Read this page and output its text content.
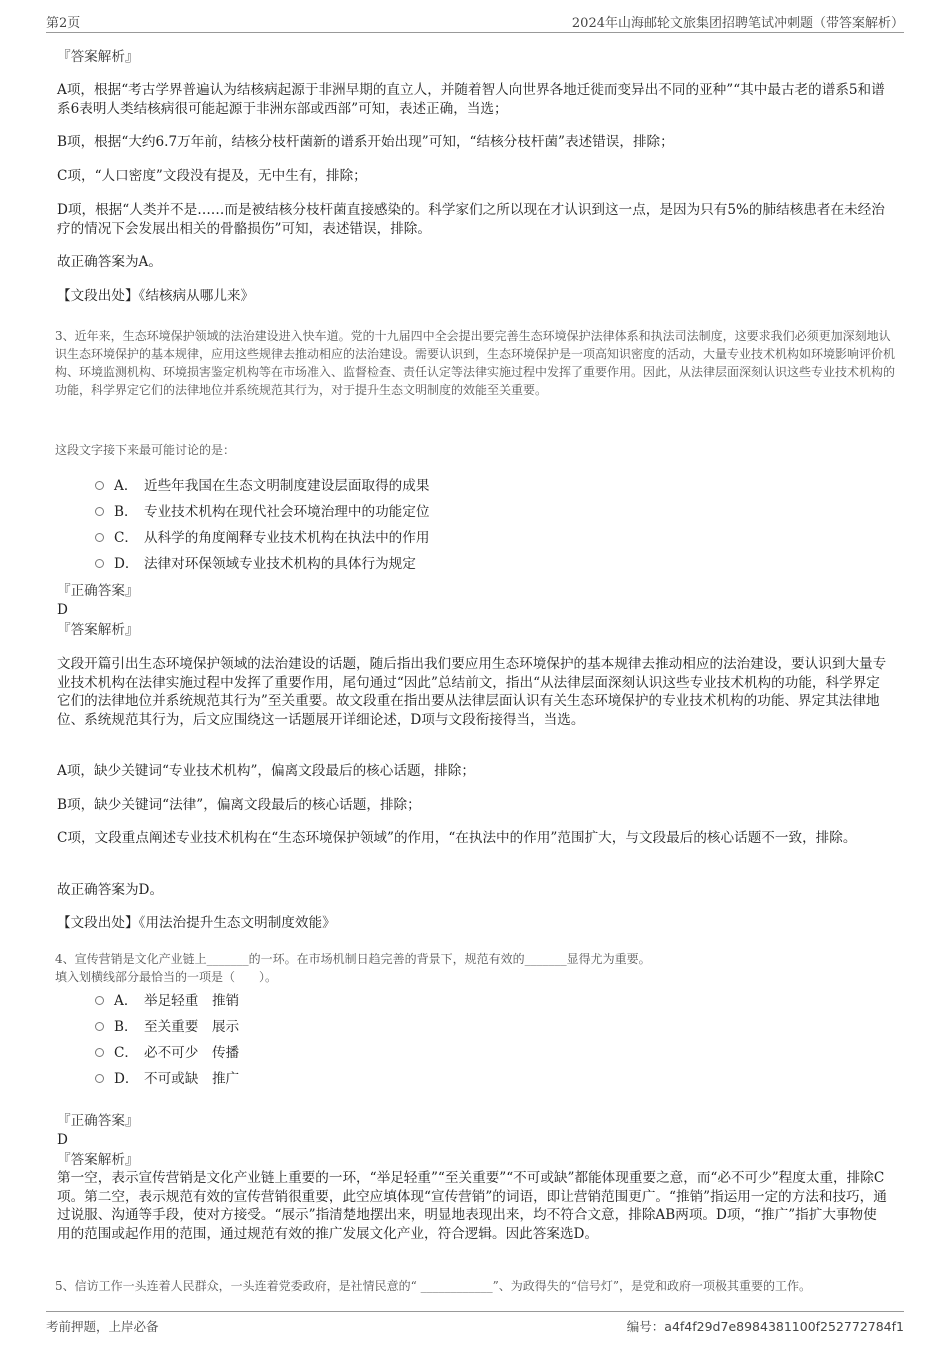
第2页	2024年山海邮轮文旅集团招聘笔试冲刺题（带答案解析）
『答案解析』
A项，根据“考古学界普遍认为结核病起源于非洲早期的直立人，并随着智人向世界各地迁徙而变异出不同的亚种”“其中最古老的谱系5和谱系6表明人类结核病很可能起源于非洲东部或西部”可知，表述正确，当选；
B项，根据“大约6.7万年前，结核分枝杆菌新的谱系开始出现”可知，“结核分枝杆菌”表述错误，排除；
C项，“人口密度”文段没有提及，无中生有，排除；
D项，根据“人类并不是……而是被结核分枝杆菌直接感染的。科学家们之所以现在才认识到这一点，是因为只有5%的肺结核患者在未经治疗的情况下会发展出相关的骨骼损伤”可知，表述错误，排除。
故正确答案为A。
【文段出处】《结核病从哪儿来》
3、近年来，生态环境保护领域的法治建设进入快车道。党的十九届四中全会提出要完善生态环境保护法律体系和执法司法制度，这要求我们必须更加深刻地认识生态环境保护的基本规律，应用这些规律去推动相应的法治建设。需要认识到，生态环境保护是一项高知识密度的活动，大量专业技术机构如环境影响评价机构、环境监测机构、环境损害鉴定机构等在市场准入、监督检查、责任认定等法律实施过程中发挥了重要作用。因此，从法律层面深刻认识这些专业技术机构的功能，科学界定它们的法律地位并系统规范其行为，对于提升生态文明制度的效能至关重要。
这段文字接下来最可能讨论的是：
A． 近些年我国在生态文明制度建设层面取得的成果
B． 专业技术机构在现代社会环境治理中的功能定位
C． 从科学的角度阐释专业技术机构在执法中的作用
D． 法律对环保领域专业技术机构的具体行为规定
『正确答案』
D
『答案解析』
文段开篇引出生态环境保护领域的法治建设的话题，随后指出我们要应用生态环境保护的基本规律去推动相应的法治建设，要认识到大量专业技术机构在法律实施过程中发挥了重要作用，尾句通过“因此”总结前文，指出“从法律层面深刻认识这些专业技术机构的功能，科学界定它们的法律地位并系统规范其行为”至关重要。故文段重在指出要从法律层面认识有关生态环境保护的专业技术机构的功能、界定其法律地位、系统规范其行为，后文应围绕这一话题展开详细论述，D项与文段衔接得当，当选。
A项，缺少关键词“专业技术机构”，偏离文段最后的核心话题，排除；
B项，缺少关键词“法律”，偏离文段最后的核心话题，排除；
C项，文段重点阐述专业技术机构在“生态环境保护领域”的作用，“在执法中的作用”范围扩大，与文段最后的核心话题不一致，排除。
故正确答案为D。
【文段出处】《用法治提升生态文明制度效能》
4、宣传营销是文化产业链上_______的一环。在市场机制日趋完善的背景下，规范有效的_______显得尤为重要。
填入划横线部分最恰当的一项是（　　）。
A． 举足轻重　推销
B． 至关重要　展示
C． 必不可少　传播
D． 不可或缺　推广
『正确答案』
D
『答案解析』
第一空，表示宣传营销是文化产业链上重要的一环，“举足轻重”“至关重要”“不可或缺”都能体现重要之意，而“必不可少”程度太重，排除C项。第二空，表示规范有效的宣传营销很重要，此空应填体现“宣传营销”的词语，即让营销范围更广。“推销”指运用一定的方法和技巧，通过说服、沟通等手段，使对方接受。“展示”指清楚地摆出来，明显地表现出来，均不符合文意，排除AB两项。D项，“推广”指扩大事物使用的范围或起作用的范围，通过规范有效的推广发展文化产业，符合逻辑。因此答案选D。
5、信访工作一头连着人民群众，一头连着党委政府，是社情民意的“ ____________”、为政得失的“信号灯”，是党和政府一项极其重要的工作。
考前押题，上岸必备	编号：a4f4f29d7e8984381100f252772784f1
